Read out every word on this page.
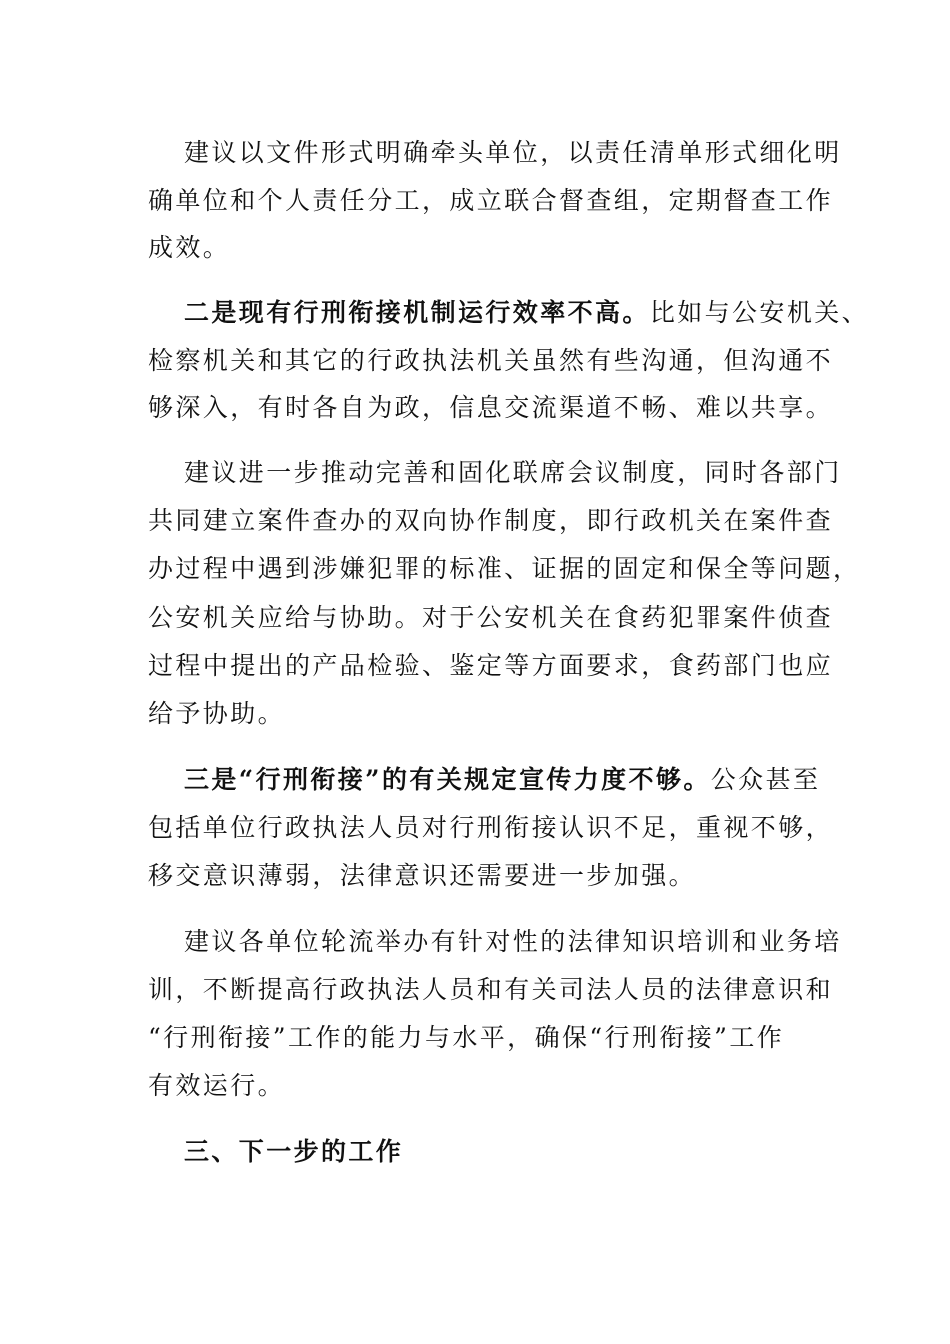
建议以文件形式明确牵头单位，以责任清单形式细化明
确单位和个人责任分工，成立联合督查组，定期督查工作
成效。
二是现有行刑衔接机制运行效率不高。比如与公安机关、
检察机关和其它的行政执法机关虽然有些沟通，但沟通不
够深入，有时各自为政，信息交流渠道不畅、难以共享。
建议进一步推动完善和固化联席会议制度，同时各部门
共同建立案件查办的双向协作制度，即行政机关在案件查
办过程中遇到涉嫌犯罪的标准、证据的固定和保全等问题，
公安机关应给与协助。对于公安机关在食药犯罪案件侦查
过程中提出的产品检验、鉴定等方面要求，食药部门也应
给予协助。
三是“行刑衔接”的有关规定宣传力度不够。公众甚至
包括单位行政执法人员对行刑衔接认识不足，重视不够，
移交意识薄弱，法律意识还需要进一步加强。
建议各单位轮流举办有针对性的法律知识培训和业务培
训，不断提高行政执法人员和有关司法人员的法律意识和
“行刑衔接”工作的能力与水平，确保“行刑衔接”工作
有效运行。
三、下一步的工作
